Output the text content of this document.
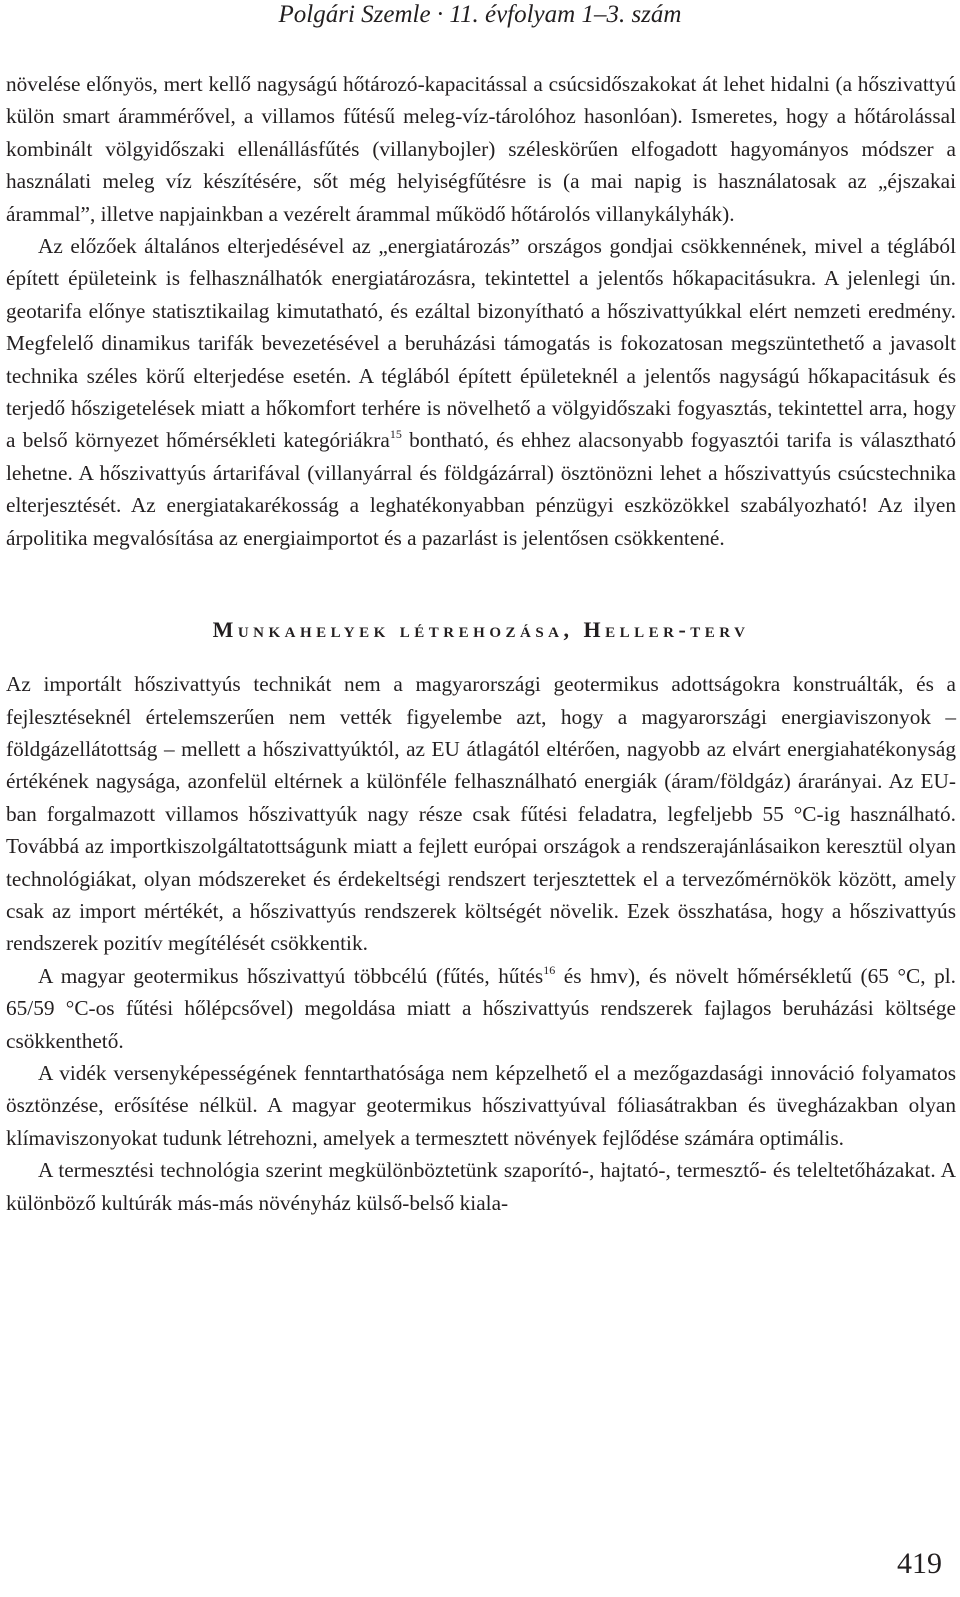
Polgári Szemle · 11. évfolyam 1–3. szám

növelése előnyös, mert kellő nagyságú hőtározó-kapacitással a csúcsidőszakokat át lehet hidalni (a hőszivattyú külön smart árammérővel, a villamos fűtésű meleg-víz-tárolóhoz hasonlóan). Ismeretes, hogy a hőtárolással kombinált völgyidőszaki ellenállásfűtés (villanybojler) széleskörűen elfogadott hagyományos módszer a használati meleg víz készítésére, sőt még helyiségfűtésre is (a mai napig is használatosak az „éjszakai árammal”, illetve napjainkban a vezérelt árammal működő hőtárolós villanykályhák).

Az előzőek általános elterjedésével az „energiatározás” országos gondjai csökkennének, mivel a téglából épített épületeink is felhasználhatók energiatározásra, tekintettel a jelentős hőkapacitásukra. A jelenlegi ún. geotarifa előnye statisztikailag kimutatható, és ezáltal bizonyítható a hőszivattyúkkal elért nemzeti eredmény. Megfelelő dinamikus tarifák bevezetésével a beruházási támogatás is fokozatosan megszüntethető a javasolt technika széles körű elterjedése esetén. A téglából épített épületeknél a jelentős nagyságú hőkapacitásuk és terjedő hőszigetelések miatt a hőkomfort terhére is növelhető a völgyidőszaki fogyasztás, tekintettel arra, hogy a belső környezet hőmérsékleti kategóriákra$^{15}$ bontható, és ehhez alacsonyabb fogyasztói tarifa is választható lehetne. A hőszivattyús ártarifával (villanyárral és földgázárral) ösztönözni lehet a hőszivattyús csúcstechnika elterjesztését. Az energiatakarékosság a leghatékonyabban pénzügyi eszközökkel szabályozható! Az ilyen árpolitika megvalósítása az energiaimportot és a pazarlást is jelentősen csökkentené.

Munkahelyek létrehozása, Heller-terv

Az importált hőszivattyús technikát nem a magyarországi geotermikus adottságokra konstruálták, és a fejlesztéseknél értelemszerűen nem vették figyelembe azt, hogy a magyarországi energiaviszonyok – földgázellátottság – mellett a hőszivattyúktól, az EU átlagától eltérően, nagyobb az elvárt energiahatékonyság értékének nagysága, azonfelül eltérnek a különféle felhasználható energiák (áram/földgáz) árarányai. Az EU-ban forgalmazott villamos hőszivattyúk nagy része csak fűtési feladatra, legfeljebb 55 °C-ig használható. Továbbá az importkiszolgáltatottságunk miatt a fejlett európai országok a rendszerajánlásaikon keresztül olyan technológiákat, olyan módszereket és érdekeltségi rendszert terjesztettek el a tervezőmérnökök között, amely csak az import mértékét, a hőszivattyús rendszerek költségét növelik. Ezek összhatása, hogy a hőszivattyús rendszerek pozitív megítélését csökkentik.

A magyar geotermikus hőszivattyú többcélú (fűtés, hűtés$^{16}$ és hmv), és növelt hőmérsékletű (65 °C, pl. 65/59 °C-os fűtési hőlépcsővel) megoldása miatt a hőszivattyús rendszerek fajlagos beruházási költsége csökkenthető.

A vidék versenyképességének fenntarthatósága nem képzelhető el a mezőgazdasági innováció folyamatos ösztönzése, erősítése nélkül. A magyar geotermikus hőszivattyúval fóliasátrakban és üvegházakban olyan klímaviszonyokat tudunk létrehozni, amelyek a termesztett növények fejlődése számára optimális.

A termesztési technológia szerint megkülönböztetünk szaporító-, hajtató-, termesztő- és teleltetőházakat. A különböző kultúrák más-más növényház külső-belső kiala-

419
